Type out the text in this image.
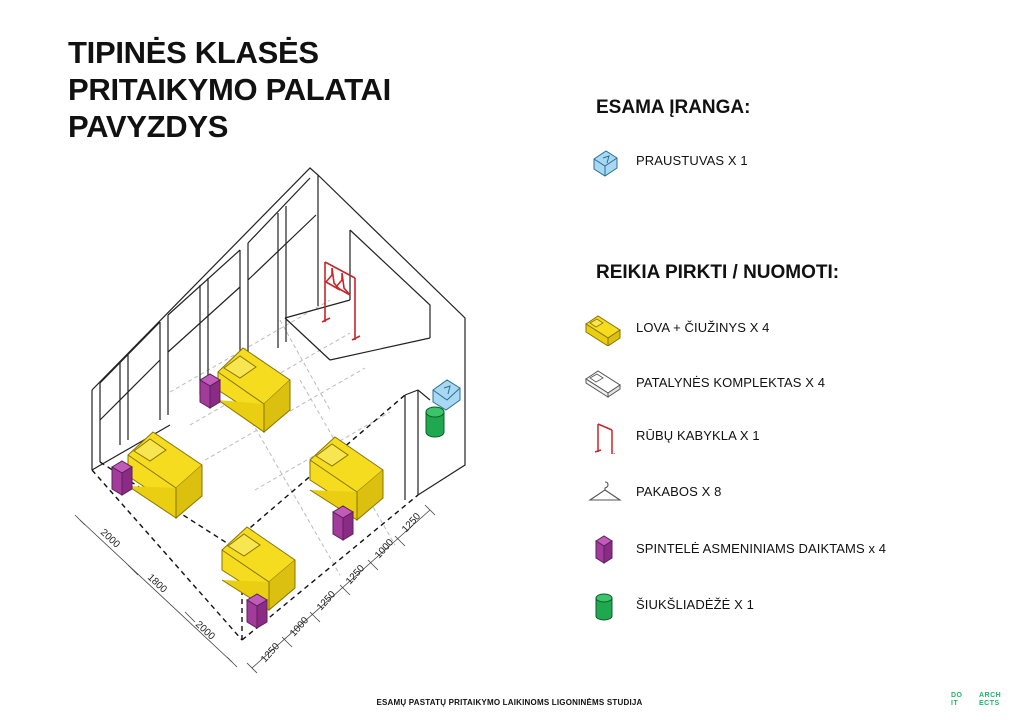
TIPINĖS KLASĖS
PRITAIKYMO PALATAI
PAVYZDYS
2000
1800
2000
1250
1000
1250
1250
1000
1250
ESAMA ĮRANGA:
PRAUSTUVAS X 1
REIKIA PIRKTI / NUOMOTI:
LOVA + ČIUŽINYS X 4
PATALYNĖS KOMPLEKTAS X 4
RŪBŲ KABYKLA X 1
PAKABOS X 8
SPINTELĖ ASMENINIAMS DAIKTAMS x 4
ŠIUKŠLIADĖŽĖ X 1
ESAMŲ PASTATŲ PRITAIKYMO LAIKINOMS LIGONINĖMS STUDIJA
DO ARCH
IT	ECTS
